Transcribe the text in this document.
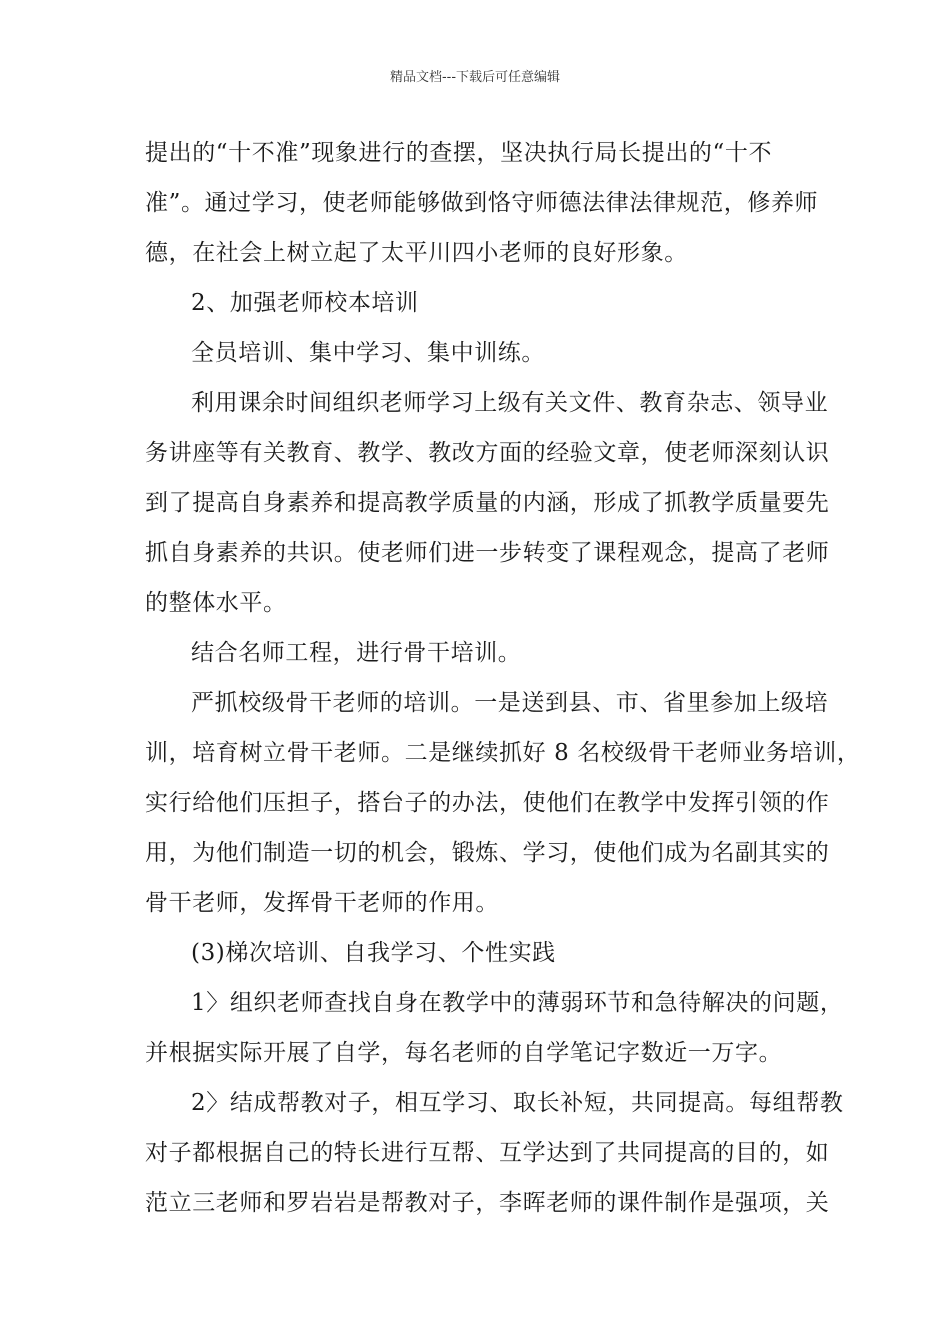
精品文档---下载后可任意编辑
提出的“十不准”现象进行的查摆，坚决执行局长提出的“十不
准”。通过学习，使老师能够做到恪守师德法律法律规范，修养师
德，在社会上树立起了太平川四小老师的良好形象。
2、加强老师校本培训
全员培训、集中学习、集中训练。
利用课余时间组织老师学习上级有关文件、教育杂志、领导业
务讲座等有关教育、教学、教改方面的经验文章，使老师深刻认识
到了提高自身素养和提高教学质量的内涵，形成了抓教学质量要先
抓自身素养的共识。使老师们进一步转变了课程观念，提高了老师
的整体水平。
结合名师工程，进行骨干培训。
严抓校级骨干老师的培训。一是送到县、市、省里参加上级培
训，培育树立骨干老师。二是继续抓好 8 名校级骨干老师业务培训，
实行给他们压担子，搭台子的办法，使他们在教学中发挥引领的作
用，为他们制造一切的机会，锻炼、学习，使他们成为名副其实的
骨干老师，发挥骨干老师的作用。
(3)梯次培训、自我学习、个性实践
1〉组织老师查找自身在教学中的薄弱环节和急待解决的问题，
并根据实际开展了自学，每名老师的自学笔记字数近一万字。
2〉结成帮教对子，相互学习、取长补短，共同提高。每组帮教
对子都根据自己的特长进行互帮、互学达到了共同提高的目的，如
范立三老师和罗岩岩是帮教对子，李晖老师的课件制作是强项，关
